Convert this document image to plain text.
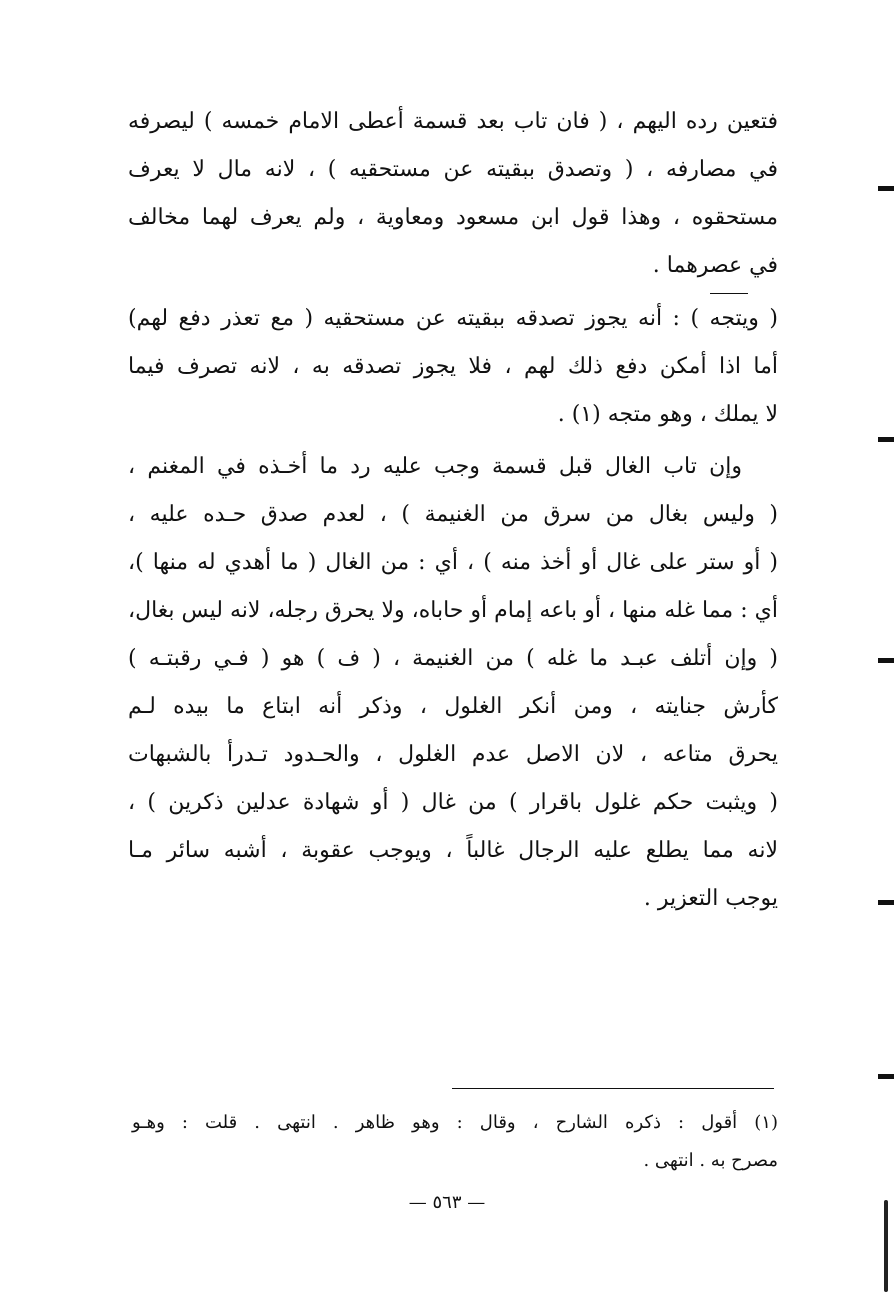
فتعين رده اليهم ، ( فان تاب بعد قسمة أعطى الامام خمسه ) ليصرفه
في مصارفه ، ( وتصدق ببقيته عن مستحقيه ) ، لانه مال لا يعرف
مستحقوه ، وهذا قول ابن مسعود ومعاوية ، ولم يعرف لهما مخالف
في عصرهما .
( ويتجه ) : أنه يجوز تصدقه ببقيته عن مستحقيه ( مع تعذر دفع لهم)
أما اذا أمكن دفع ذلك لهم ، فلا يجوز تصدقه به ، لانه تصرف فيما
لا يملك ، وهو متجه (١) .
وإن تاب الغال قبل قسمة وجب عليه رد ما أخـذه في المغنم ،
( وليس بغال من سرق من الغنيمة ) ، لعدم صدق حـده عليه ،
( أو ستر على غال أو أخذ منه ) ، أي : من الغال ( ما أهدي له منها )،
أي : مما غله منها ، أو باعه إمام أو حاباه، ولا يحرق رجله، لانه ليس بغال،
( وإن أتلف عبـد ما غله ) من الغنيمة ، ( ف ) هو ( فـي رقبتـه )
كأرش جنايته ، ومن أنكر الغلول ، وذكر أنه ابتاع ما بيده لـم
يحرق متاعه ، لان الاصل عدم الغلول ، والحـدود تـدرأ بالشبهات
( ويثبت حكم غلول باقرار ) من غال ( أو شهادة عدلين ذكرين ) ،
لانه مما يطلع عليه الرجال غالباً ، ويوجب عقوبة ، أشبه سائر مـا
يوجب التعزير .
(١) أقول : ذكره الشارح ، وقال : وهو ظاهر . انتهى . قلت : وهـو
مصرح به . انتهى .
— ٥٦٣ —
